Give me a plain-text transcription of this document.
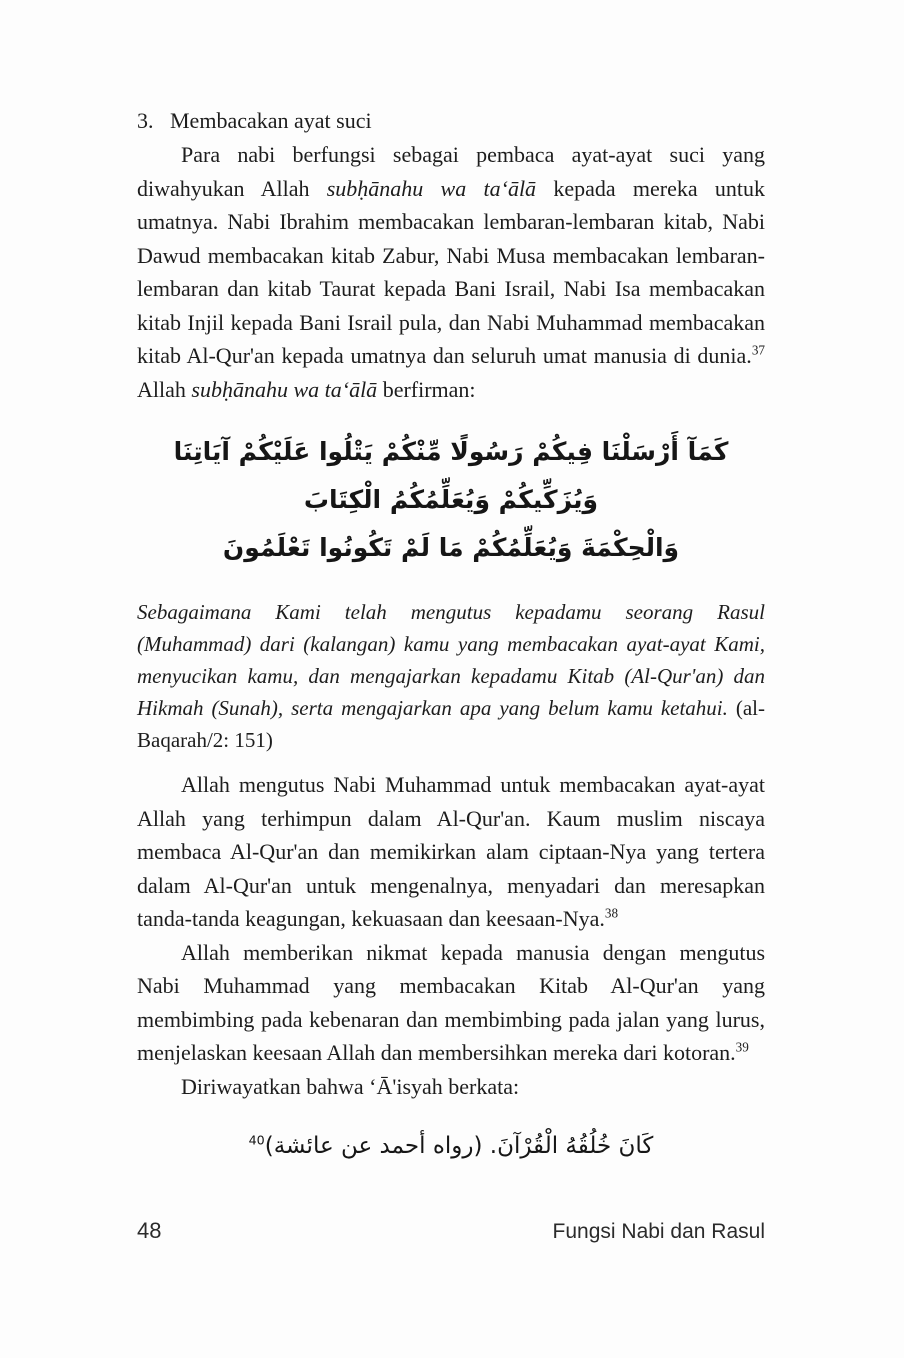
3. Membacakan ayat suci

Para nabi berfungsi sebagai pembaca ayat-ayat suci yang diwahyukan Allah subḥānahu wa ta‘ālā kepada mereka untuk umatnya. Nabi Ibrahim membacakan lembaran-lembaran kitab, Nabi Dawud membacakan kitab Zabur, Nabi Musa membacakan lembaran-lembaran dan kitab Taurat kepada Bani Israil, Nabi Isa membacakan kitab Injil kepada Bani Israil pula, dan Nabi Muhammad membacakan kitab Al-Qur'an kepada umatnya dan seluruh umat manusia di dunia.$^{37}$ Allah subḥānahu wa ta‘ālā berfirman:

كَمَآ أَرْسَلْنَا فِيكُمْ رَسُولًا مِّنْكُمْ يَتْلُوا عَلَيْكُمْ آيَاتِنَا وَيُزَكِّيكُمْ وَيُعَلِّمُكُمُ الْكِتَابَ
وَالْحِكْمَةَ وَيُعَلِّمُكُمْ مَا لَمْ تَكُونُوا تَعْلَمُونَ
Sebagaimana Kami telah mengutus kepadamu seorang Rasul (Muhammad) dari (kalangan) kamu yang membacakan ayat-ayat Kami, menyucikan kamu, dan mengajarkan kepadamu Kitab (Al-Qur'an) dan Hikmah (Sunah), serta mengajarkan apa yang belum kamu ketahui. (al-Baqarah/2: 151)

Allah mengutus Nabi Muhammad untuk membacakan ayat-ayat Allah yang terhimpun dalam Al-Qur'an. Kaum muslim niscaya membaca Al-Qur'an dan memikirkan alam ciptaan-Nya yang tertera dalam Al-Qur'an untuk mengenalnya, menyadari dan meresapkan tanda-tanda keagungan, kekuasaan dan keesaan-Nya.$^{38}$

Allah memberikan nikmat kepada manusia dengan mengutus Nabi Muhammad yang membacakan Kitab Al-Qur'an yang membimbing pada kebenaran dan membimbing pada jalan yang lurus, menjelaskan keesaan Allah dan membersihkan mereka dari kotoran.$^{39}$

Diriwayatkan bahwa ‘Ā'isyah berkata:

كَانَ خُلُقُهُ الْقُرْآنَ. (رواه أحمد عن عائشة)$^{40}$
48	Fungsi Nabi dan Rasul
